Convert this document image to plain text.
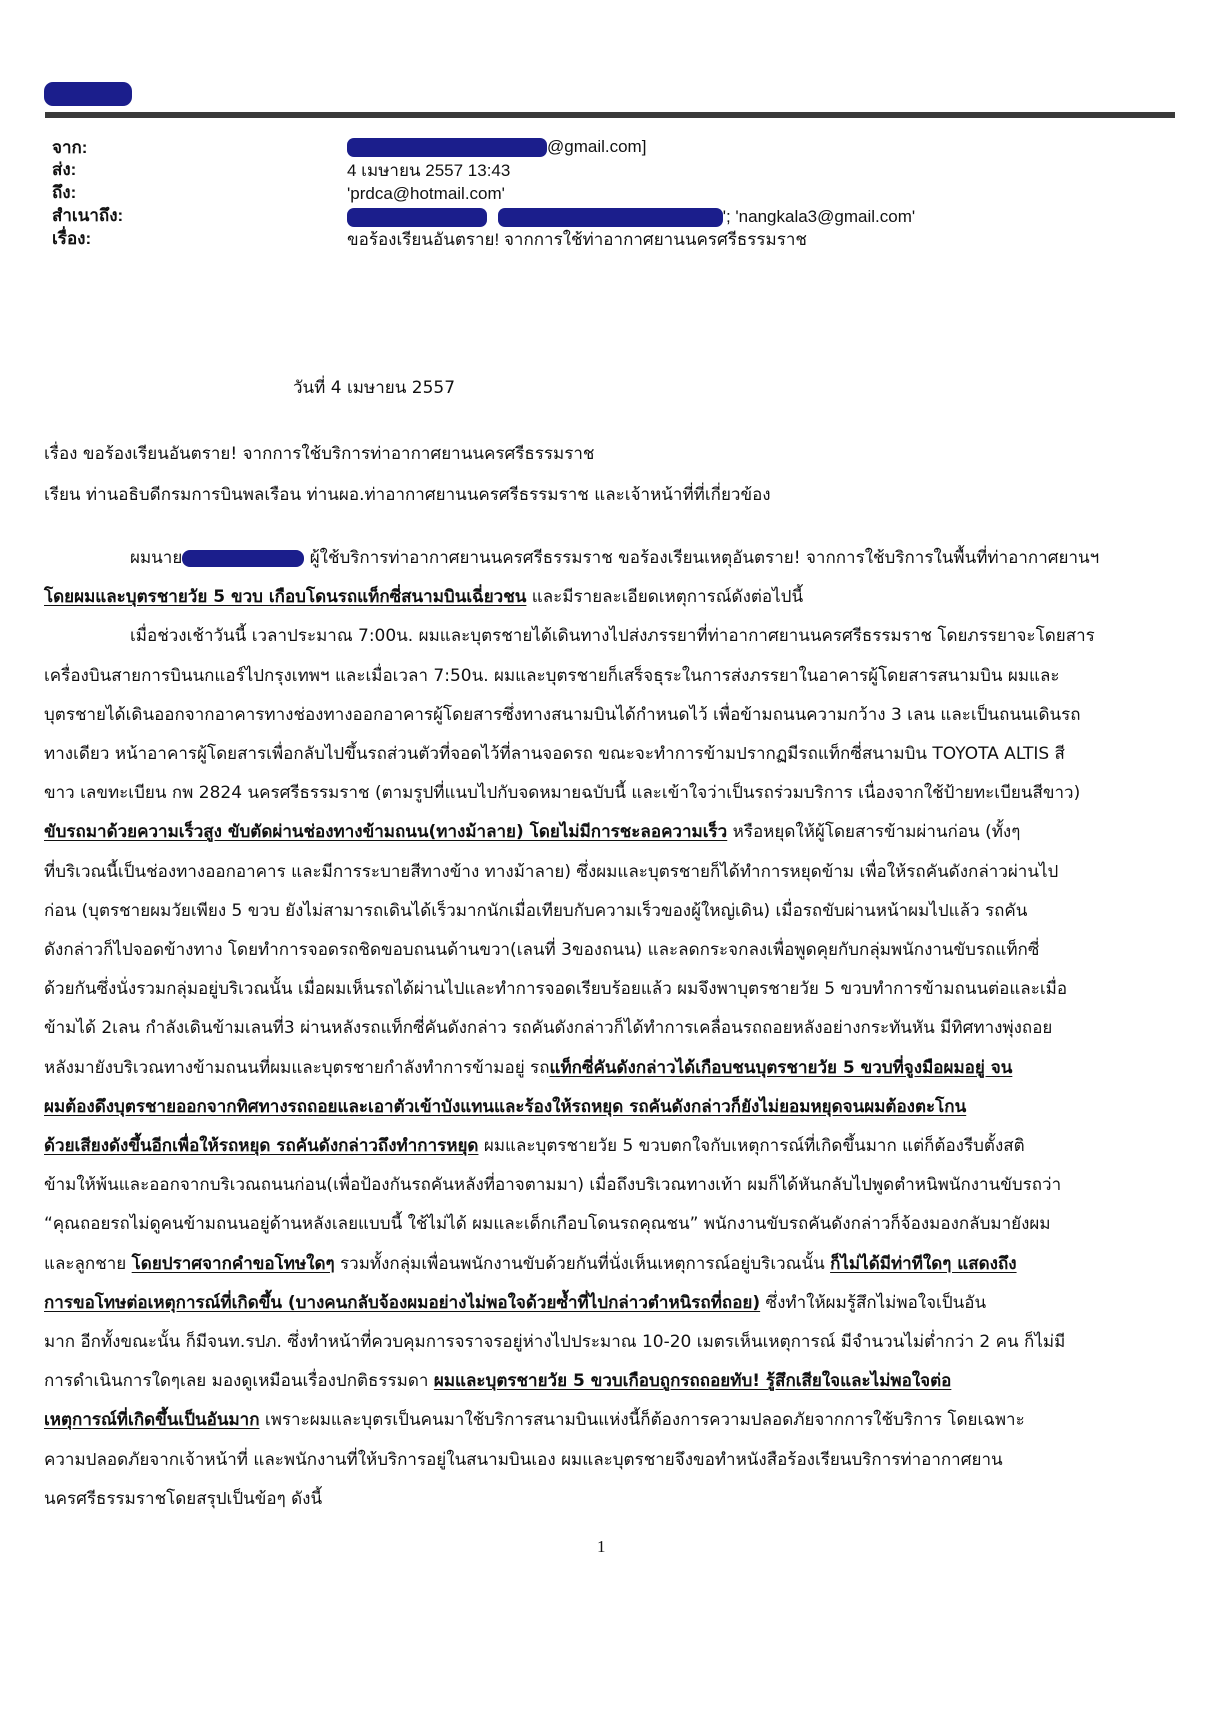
จาก:
ส่ง:
ถึง:
สำเนาถึง:
เรื่อง:
@gmail.com]
4 เมษายน 2557 13:43
'prdca@hotmail.com'
'; 'nangkala3@gmail.com'
ขอร้องเรียนอันตราย! จากการใช้ท่าอากาศยานนครศรีธรรมราช
วันที่ 4 เมษายน 2557
เรื่อง ขอร้องเรียนอันตราย! จากการใช้บริการท่าอากาศยานนครศรีธรรมราช
เรียน ท่านอธิบดีกรมการบินพลเรือน ท่านผอ.ท่าอากาศยานนครศรีธรรมราช และเจ้าหน้าที่ที่เกี่ยวข้อง
ผมนาย	ผู้ใช้บริการท่าอากาศยานนครศรีธรรมราช ขอร้องเรียนเหตุอันตราย! จากการใช้บริการในพื้นที่ท่าอากาศยานฯ
โดยผมและบุตรชายวัย 5 ขวบ เกือบโดนรถแท็กซี่สนามบินเฉี่ยวชน และมีรายละเอียดเหตุการณ์ดังต่อไปนี้
เมื่อช่วงเช้าวันนี้ เวลาประมาณ 7:00น. ผมและบุตรชายได้เดินทางไปส่งภรรยาที่ท่าอากาศยานนครศรีธรรมราช โดยภรรยาจะโดยสาร
เครื่องบินสายการบินนกแอร์ไปกรุงเทพฯ และเมื่อเวลา 7:50น. ผมและบุตรชายก็เสร็จธุระในการส่งภรรยาในอาคารผู้โดยสารสนามบิน ผมและ
บุตรชายได้เดินออกจากอาคารทางช่องทางออกอาคารผู้โดยสารซึ่งทางสนามบินได้กำหนดไว้ เพื่อข้ามถนนความกว้าง 3 เลน และเป็นถนนเดินรถ
ทางเดียว หน้าอาคารผู้โดยสารเพื่อกลับไปขึ้นรถส่วนตัวที่จอดไว้ที่ลานจอดรถ ขณะจะทำการข้ามปรากฏมีรถแท็กซี่สนามบิน TOYOTA ALTIS สี
ขาว เลขทะเบียน กพ 2824 นครศรีธรรมราช (ตามรูปที่แนบไปกับจดหมายฉบับนี้ และเข้าใจว่าเป็นรถร่วมบริการ เนื่องจากใช้ป้ายทะเบียนสีขาว)
ขับรถมาด้วยความเร็วสูง ขับตัดผ่านช่องทางข้ามถนน(ทางม้าลาย) โดยไม่มีการชะลอความเร็ว หรือหยุดให้ผู้โดยสารข้ามผ่านก่อน (ทั้งๆ
ที่บริเวณนี้เป็นช่องทางออกอาคาร และมีการระบายสีทางข้าง ทางม้าลาย) ซึ่งผมและบุตรชายก็ได้ทำการหยุดข้าม เพื่อให้รถคันดังกล่าวผ่านไป
ก่อน (บุตรชายผมวัยเพียง 5 ขวบ ยังไม่สามารถเดินได้เร็วมากนักเมื่อเทียบกับความเร็วของผู้ใหญ่เดิน) เมื่อรถขับผ่านหน้าผมไปแล้ว รถคัน
ดังกล่าวก็ไปจอดข้างทาง โดยทำการจอดรถชิดขอบถนนด้านขวา(เลนที่ 3ของถนน) และลดกระจกลงเพื่อพูดคุยกับกลุ่มพนักงานขับรถแท็กซี่
ด้วยกันซึ่งนั่งรวมกลุ่มอยู่บริเวณนั้น เมื่อผมเห็นรถได้ผ่านไปและทำการจอดเรียบร้อยแล้ว ผมจึงพาบุตรชายวัย 5 ขวบทำการข้ามถนนต่อและเมื่อ
ข้ามได้ 2เลน กำลังเดินข้ามเลนที่3 ผ่านหลังรถแท็กซี่คันดังกล่าว รถคันดังกล่าวก็ได้ทำการเคลื่อนรถถอยหลังอย่างกระทันหัน มีทิศทางพุ่งถอย
หลังมายังบริเวณทางข้ามถนนที่ผมและบุตรชายกำลังทำการข้ามอยู่ รถแท็กซี่คันดังกล่าวได้เกือบชนบุตรชายวัย 5 ขวบที่จูงมือผมอยู่ จน
ผมต้องดึงบุตรชายออกจากทิศทางรถถอยและเอาตัวเข้าบังแทนและร้องให้รถหยุด รถคันดังกล่าวก็ยังไม่ยอมหยุดจนผมต้องตะโกน
ด้วยเสียงดังขึ้นอีกเพื่อให้รถหยุด รถคันดังกล่าวถึงทำการหยุด ผมและบุตรชายวัย 5 ขวบตกใจกับเหตุการณ์ที่เกิดขึ้นมาก แต่ก็ต้องรีบตั้งสติ
ข้ามให้พ้นและออกจากบริเวณถนนก่อน(เพื่อป้องกันรถคันหลังที่อาจตามมา) เมื่อถึงบริเวณทางเท้า ผมก็ได้หันกลับไปพูดตำหนิพนักงานขับรถว่า
“คุณถอยรถไม่ดูคนข้ามถนนอยู่ด้านหลังเลยแบบนี้ ใช้ไม่ได้ ผมและเด็กเกือบโดนรถคุณชน” พนักงานขับรถคันดังกล่าวก็จ้องมองกลับมายังผม
และลูกชาย โดยปราศจากคำขอโทษใดๆ รวมทั้งกลุ่มเพื่อนพนักงานขับด้วยกันที่นั่งเห็นเหตุการณ์อยู่บริเวณนั้น ก็ไม่ได้มีท่าทีใดๆ แสดงถึง
การขอโทษต่อเหตุการณ์ที่เกิดขึ้น (บางคนกลับจ้องผมอย่างไม่พอใจด้วยซ้ำที่ไปกล่าวตำหนิรถที่ถอย) ซึ่งทำให้ผมรู้สึกไม่พอใจเป็นอัน
มาก อีกทั้งขณะนั้น ก็มีจนท.รปภ. ซึ่งทำหน้าที่ควบคุมการจราจรอยู่ห่างไปประมาณ 10-20 เมตรเห็นเหตุการณ์ มีจำนวนไม่ต่ำกว่า 2 คน ก็ไม่มี
การดำเนินการใดๆเลย มองดูเหมือนเรื่องปกติธรรมดา ผมและบุตรชายวัย 5 ขวบเกือบถูกรถถอยทับ! รู้สึกเสียใจและไม่พอใจต่อ
เหตุการณ์ที่เกิดขึ้นเป็นอันมาก เพราะผมและบุตรเป็นคนมาใช้บริการสนามบินแห่งนี้ก็ต้องการความปลอดภัยจากการใช้บริการ โดยเฉพาะ
ความปลอดภัยจากเจ้าหน้าที่ และพนักงานที่ให้บริการอยู่ในสนามบินเอง ผมและบุตรชายจึงขอทำหนังสือร้องเรียนบริการท่าอากาศยาน
นครศรีธรรมราชโดยสรุปเป็นข้อๆ ดังนี้
1
